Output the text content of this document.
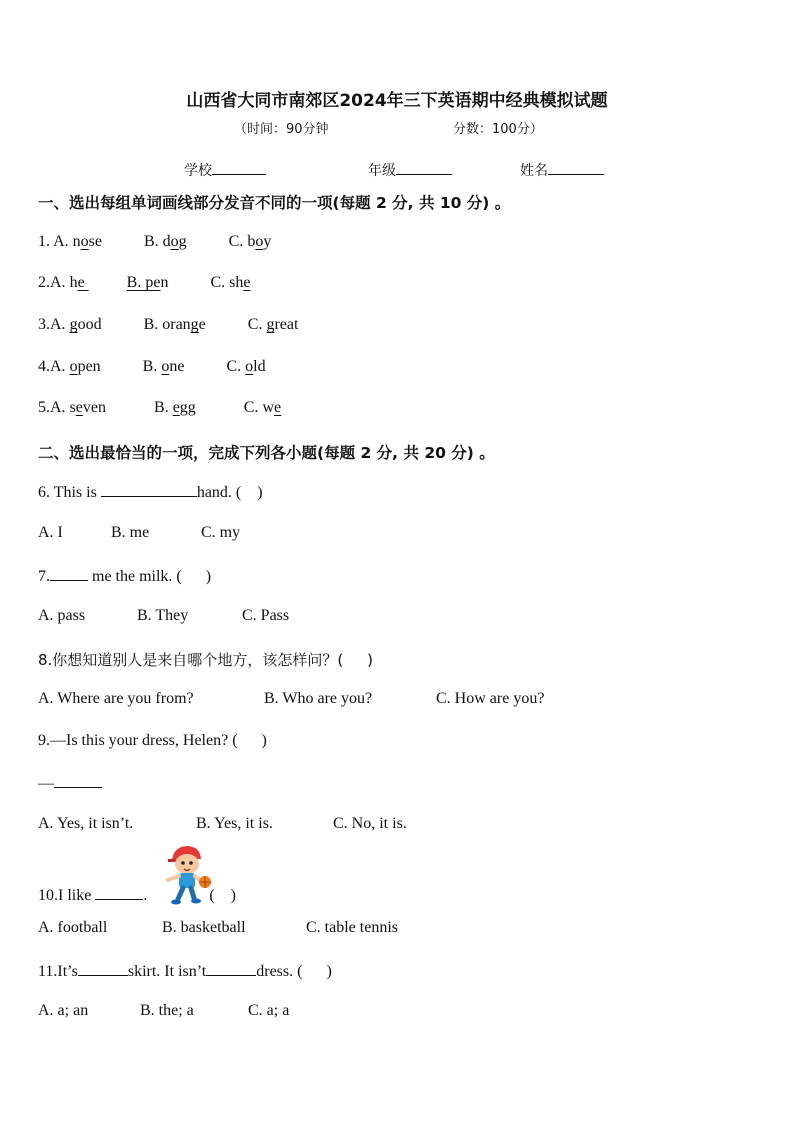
山西省大同市南郊区2024年三下英语期中经典模拟试题
（时间：90分钟	分数：100分）
学校	年级	姓名
一、选出每组单词画线部分发音不同的一项(每题 2 分, 共 10 分) 。
1. A. nose	B. dog	C. boy
2.A. he	B. pen	C. she
3.A. good	B. orange	C. great
4.A. open	B. one	C. old
5.A. seven	B. egg	C. we
二、选出最恰当的一项，完成下列各小题(每题 2 分, 共 20 分) 。
6. This is	hand. ( )
A. I	B. me	C. my
7.	me the milk. ( )
A. pass	B. They	C. Pass
8.你想知道别人是来自哪个地方，该怎样问？( )
A. Where are you from?	B. Who are you?	C. How are you?
9.—Is this your dress, Helen? ( )
—
A. Yes, it isn’t.	B. Yes, it is.	C. No, it is.
10.I like	.	( )
A. football	B. basketball	C. table tennis
11.It’s	skirt. It isn’t	dress. ( )
A. a; an	B. the; a	C. a; a
